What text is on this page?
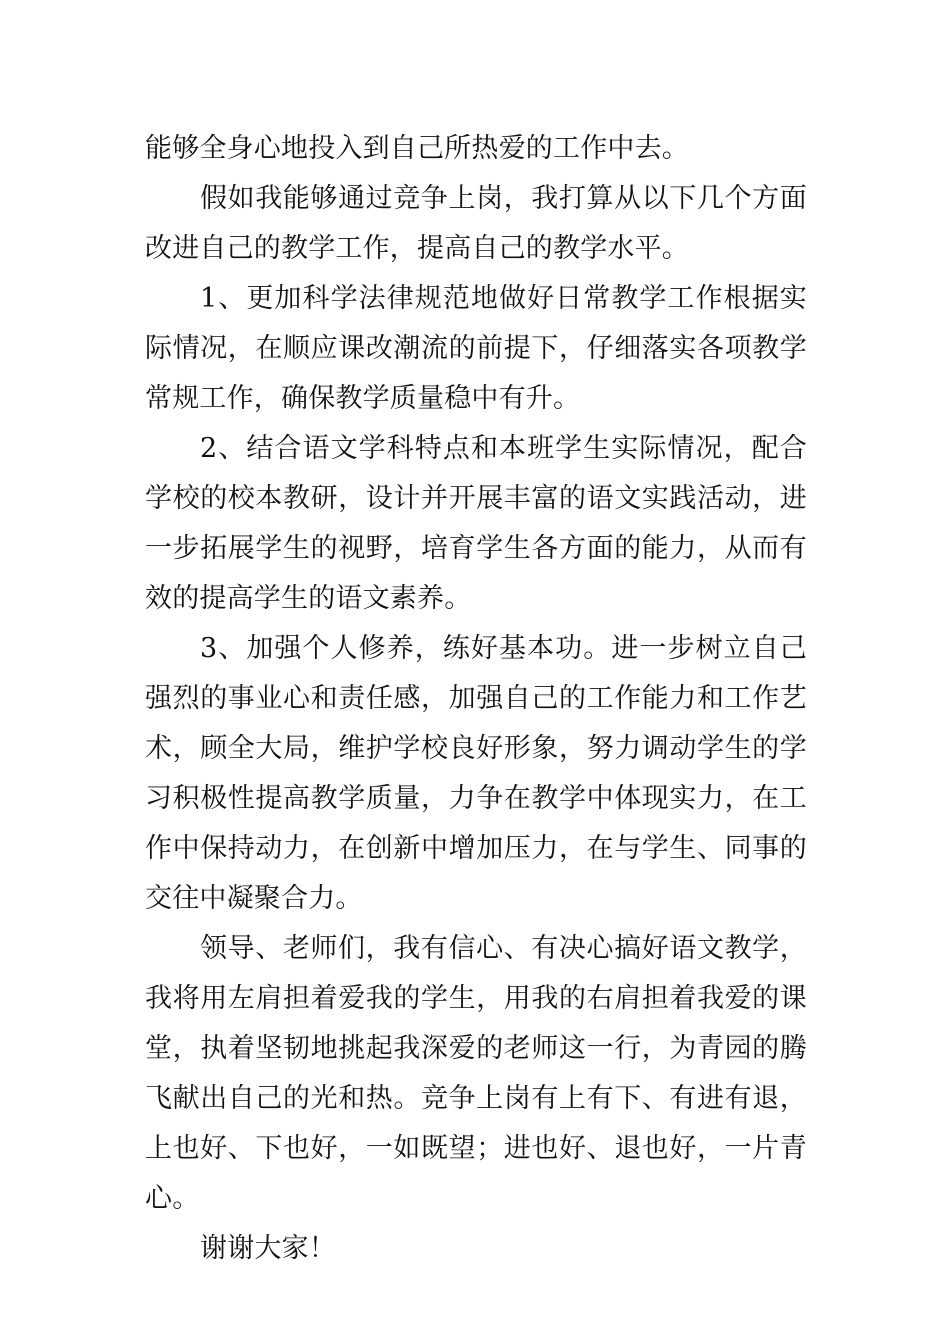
能够全身心地投入到自己所热爱的工作中去。

假如我能够通过竞争上岗，我打算从以下几个方面改进自己的教学工作，提高自己的教学水平。

1、更加科学法律规范地做好日常教学工作根据实际情况，在顺应课改潮流的前提下，仔细落实各项教学常规工作，确保教学质量稳中有升。

2、结合语文学科特点和本班学生实际情况，配合学校的校本教研，设计并开展丰富的语文实践活动，进一步拓展学生的视野，培育学生各方面的能力，从而有效的提高学生的语文素养。

3、加强个人修养，练好基本功。进一步树立自己强烈的事业心和责任感，加强自己的工作能力和工作艺术，顾全大局，维护学校良好形象，努力调动学生的学习积极性提高教学质量，力争在教学中体现实力，在工作中保持动力，在创新中增加压力，在与学生、同事的交往中凝聚合力。

领导、老师们，我有信心、有决心搞好语文教学，我将用左肩担着爱我的学生，用我的右肩担着我爱的课堂，执着坚韧地挑起我深爱的老师这一行，为青园的腾飞献出自己的光和热。竞争上岗有上有下、有进有退，上也好、下也好，一如既望；进也好、退也好，一片青心。

谢谢大家！
